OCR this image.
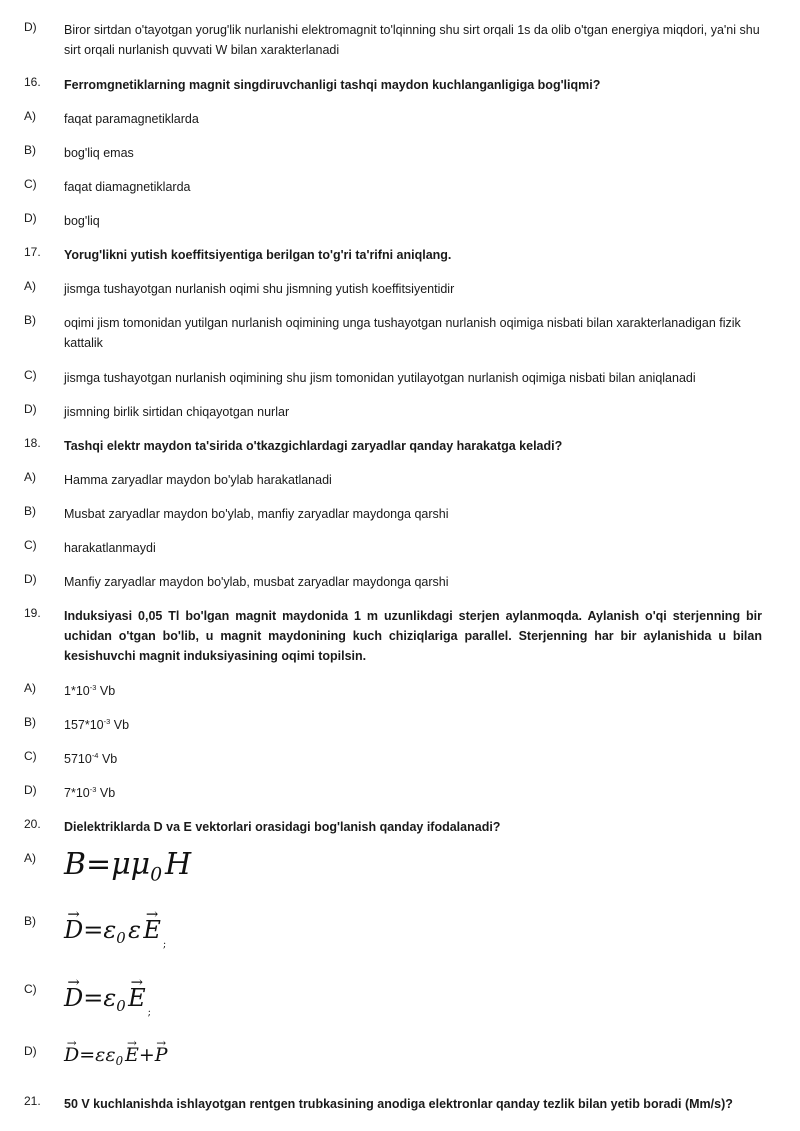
D) Biror sirtdan o'tayotgan yorug'lik nurlanishi elektromagnit to'lqinning shu sirt orqali 1s da olib o'tgan energiya miqdori, ya'ni shu sirt orqali nurlanish quvvati W bilan xarakterlanadi
16. Ferromgnetiklarning magnit singdiruvchanligi tashqi maydon kuchlanganligiga bog'liqmi?
A) faqat paramagnetiklarda
B) bog'liq emas
C) faqat diamagnetiklarda
D) bog'liq
17. Yorug'likni yutish koeffitsiyentiga berilgan to'g'ri ta'rifni aniqlang.
A) jismga tushayotgan nurlanish oqimi shu jismning yutish koeffitsiyentidir
B) oqimi jism tomonidan yutilgan nurlanish oqimining unga tushayotgan nurlanish oqimiga nisbati bilan xarakterlanadigan fizik kattalik
C) jismga tushayotgan nurlanish oqimining shu jism tomonidan yutilayotgan nurlanish oqimiga nisbati bilan aniqlanadi
D) jismning birlik sirtidan chiqayotgan nurlar
18. Tashqi elektr maydon ta'sirida o'tkazgichlardagi zaryadlar qanday harakatga keladi?
A) Hamma zaryadlar maydon bo'ylab harakatlanadi
B) Musbat zaryadlar maydon bo'ylab, manfiy zaryadlar maydonga qarshi
C) harakatlanmaydi
D) Manfiy zaryadlar maydon bo'ylab, musbat zaryadlar maydonga qarshi
19. Induksiyasi 0,05 Tl bo'lgan magnit maydonida 1 m uzunlikdagi sterjen aylanmoqda. Aylanish o'qi sterjenning bir uchidan o'tgan bo'lib, u magnit maydonining kuch chiziqlariga parallel. Sterjenning har bir aylanishida u bilan kesishuvchi magnit induksiyasining oqimi topilsin.
A) $1*10^{-3}$ Vb
B) $157*10^{-3}$ Vb
C) $5710^{-4}$ Vb
D) $7*10^{-3}$ Vb
20. Dielektriklarda D va E vektorlari orasidagi bog'lanish qanday ifodalanadi?
A) $B=\mu\mu_0$ H
B)
→ $D=\varepsilon_0$ ε → $E_;$
C)
→ $D=\varepsilon_0$ → $E_;$
D)
→ $D=\varepsilon\varepsilon_0$ → E+→ P
21. 50 V kuchlanishda ishlayotgan rentgen trubkasining anodiga elektronlar qanday tezlik bilan yetib boradi (Mm/s)?
